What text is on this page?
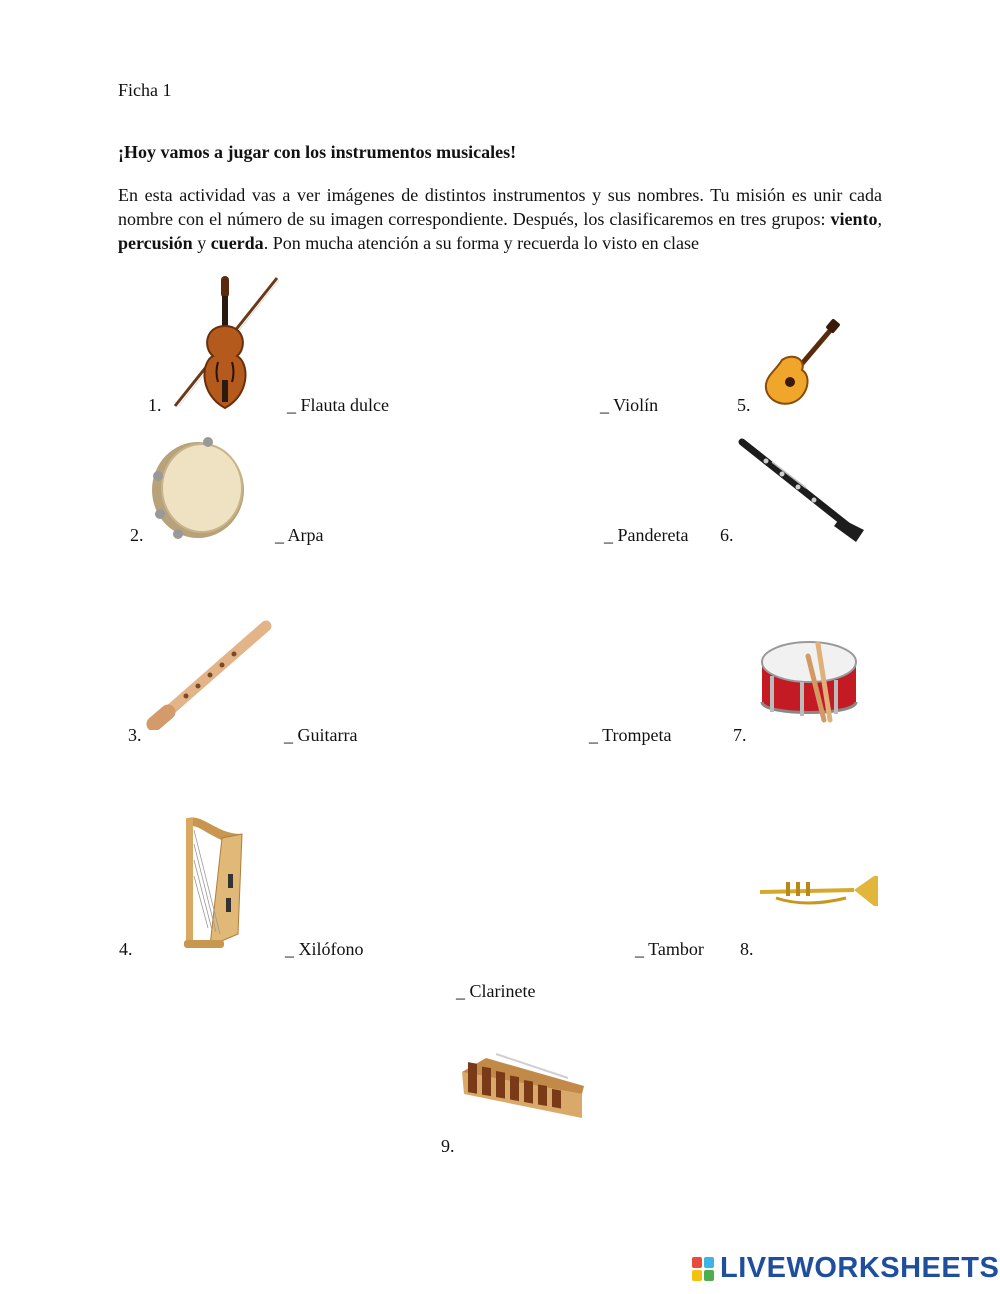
Ficha 1
¡Hoy vamos a jugar con los instrumentos musicales!
En esta actividad vas a ver imágenes de distintos instrumentos y sus nombres. Tu misión es unir cada nombre con el número de su imagen correspondiente. Después, los clasificaremos en tres grupos: viento, percusión y cuerda. Pon mucha atención a su forma y recuerda lo visto en clase
1.
2.
3.
4.
5.
6.
7.
8.
9.
_ Flauta dulce	_ Violín
_ Arpa	_ Pandereta
_ Guitarra	_ Trompeta
_ Xilófono	_ Tambor
_ Clarinete
LIVEWORKSHEETS
